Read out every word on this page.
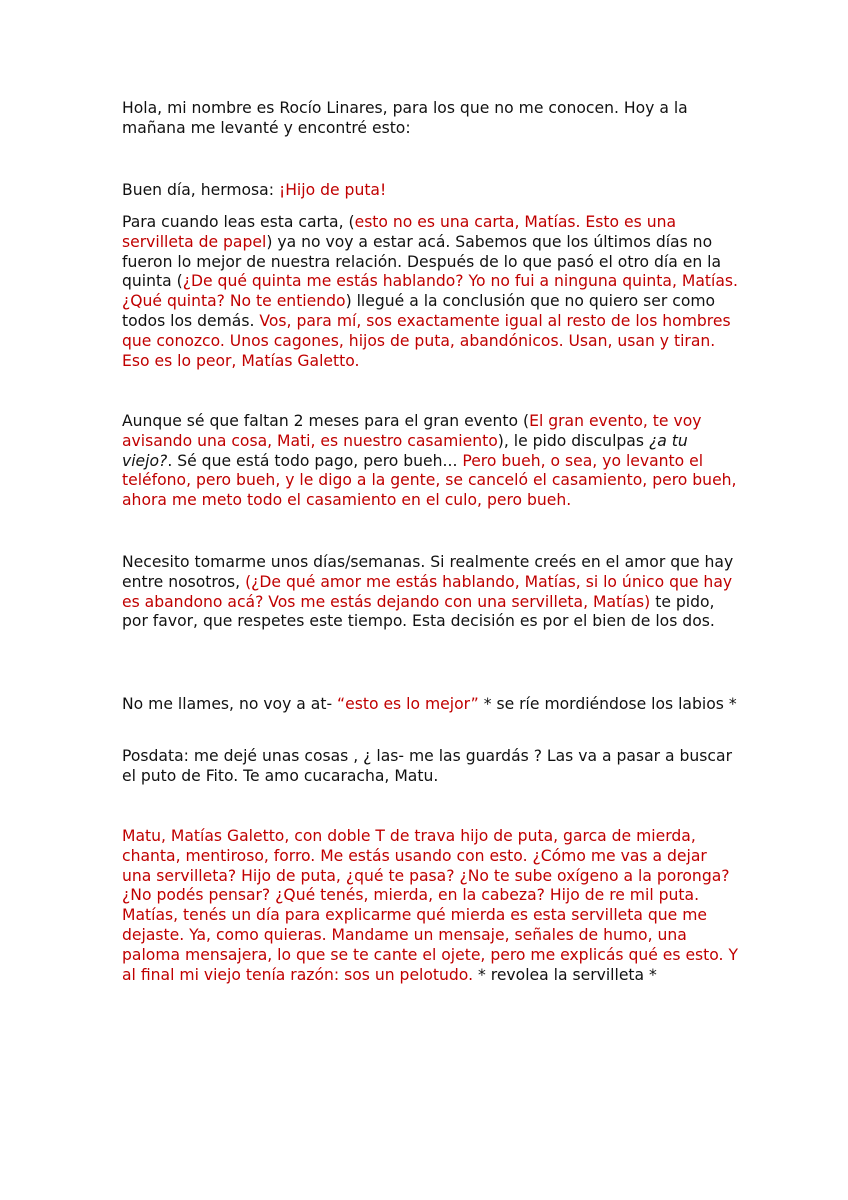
Hola, mi nombre es Rocío Linares, para los que no me conocen. Hoy a la mañana me levanté y encontré esto:

Buen día, hermosa: ¡Hijo de puta!

Para cuando leas esta carta, (esto no es una carta, Matías. Esto es una servilleta de papel) ya no voy a estar acá. Sabemos que los últimos días no fueron lo mejor de nuestra relación. Después de lo que pasó el otro día en la quinta (¿De qué quinta me estás hablando? Yo no fui a ninguna quinta, Matías. ¿Qué quinta? No te entiendo) llegué a la conclusión que no quiero ser como todos los demás. Vos, para mí, sos exactamente igual al resto de los hombres que conozco. Unos cagones, hijos de puta, abandónicos. Usan, usan y tiran. Eso es lo peor, Matías Galetto.

Aunque sé que faltan 2 meses para el gran evento (El gran evento, te voy avisando una cosa, Mati, es nuestro casamiento), le pido disculpas ¿a tu viejo?. Sé que está todo pago, pero bueh... Pero bueh, o sea, yo levanto el teléfono, pero bueh, y le digo a la gente, se canceló el casamiento, pero bueh, ahora me meto todo el casamiento en el culo, pero bueh.

Necesito tomarme unos días/semanas. Si realmente creés en el amor que hay entre nosotros, (¿De qué amor me estás hablando, Matías, si lo único que hay es abandono acá? Vos me estás dejando con una servilleta, Matías) te pido, por favor, que respetes este tiempo. Esta decisión es por el bien de los dos.

No me llames, no voy a at- “esto es lo mejor” * se ríe mordiéndose los labios *

Posdata: me dejé unas cosas , ¿ las- me las guardás ? Las va a pasar a buscar el puto de Fito. Te amo cucaracha, Matu.

Matu, Matías Galetto, con doble T de trava hijo de puta, garca de mierda, chanta, mentiroso, forro. Me estás usando con esto. ¿Cómo me vas a dejar una servilleta? Hijo de puta, ¿qué te pasa? ¿No te sube oxígeno a la poronga? ¿No podés pensar? ¿Qué tenés, mierda, en la cabeza? Hijo de re mil puta. Matías, tenés un día para explicarme qué mierda es esta servilleta que me dejaste. Ya, como quieras. Mandame un mensaje, señales de humo, una paloma mensajera, lo que se te cante el ojete, pero me explicás qué es esto. Y al final mi viejo tenía razón: sos un pelotudo. * revolea la servilleta *
